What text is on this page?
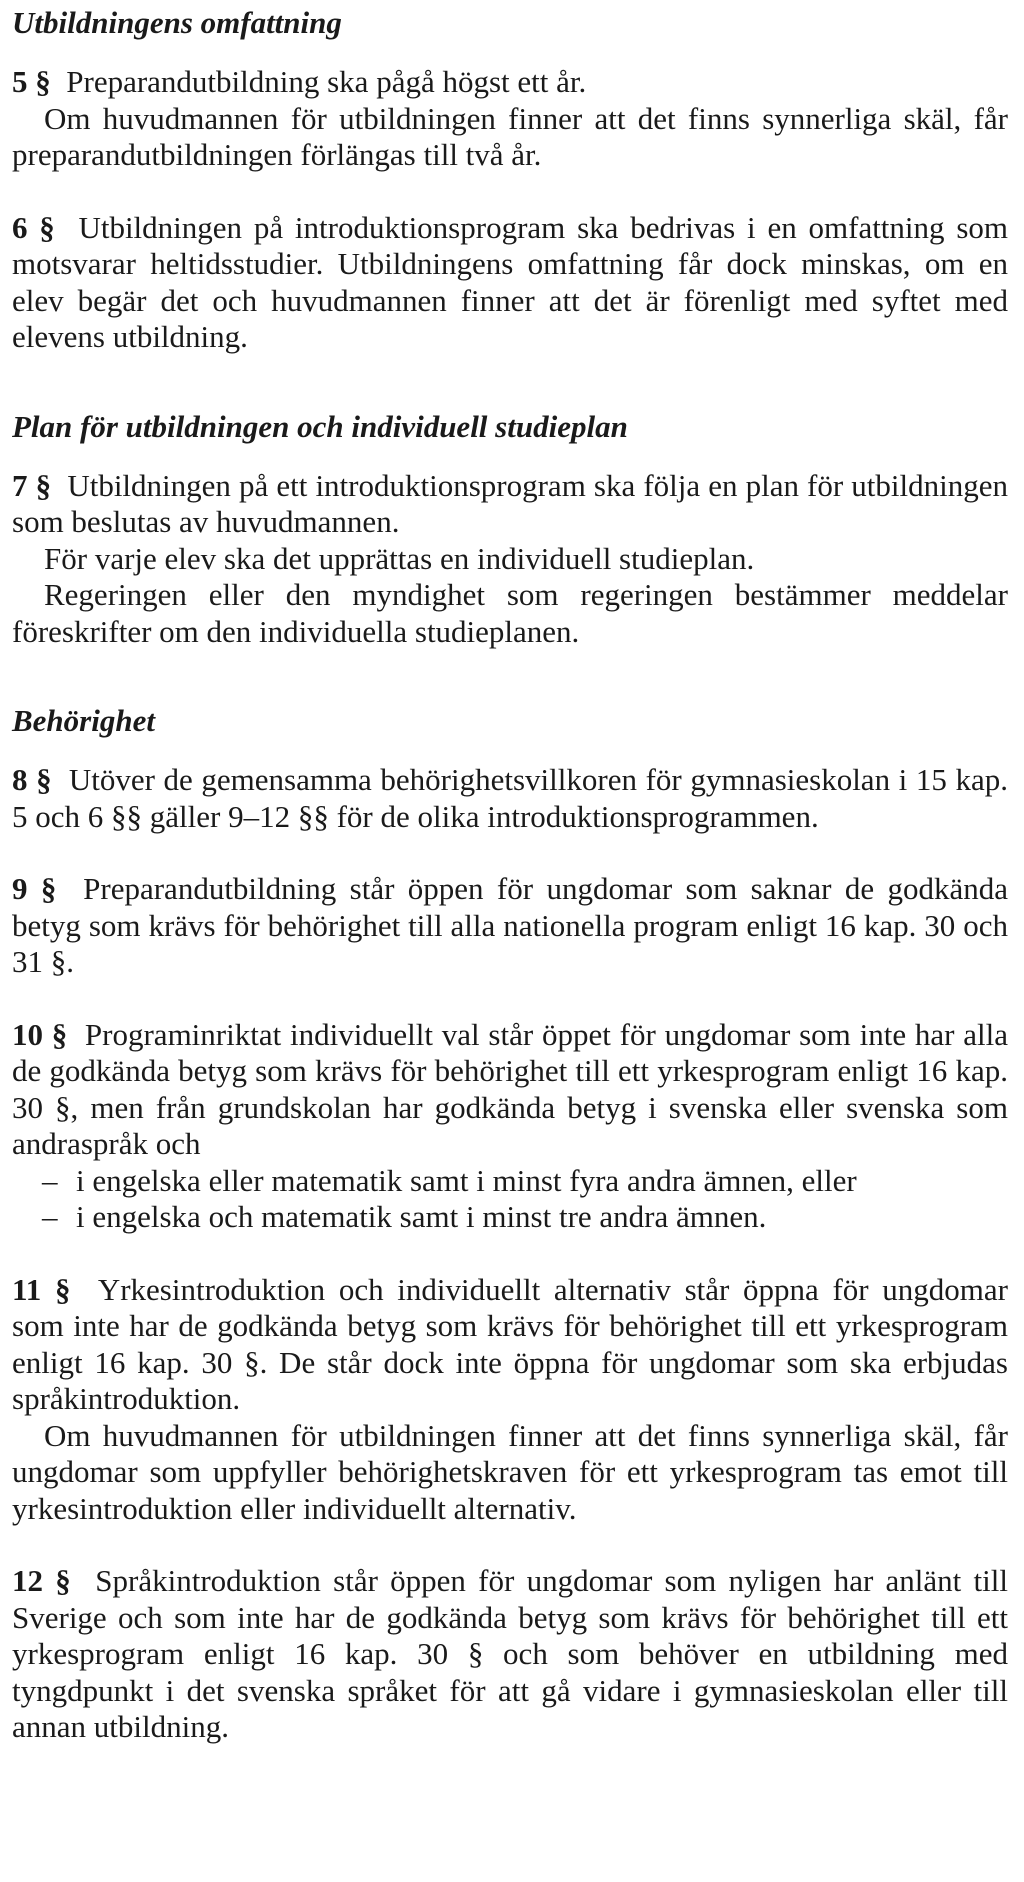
Utbildningens omfattning

5 § Preparandutbildning ska pågå högst ett år.

Om huvudmannen för utbildningen finner att det finns synnerliga skäl, får preparandutbildningen förlängas till två år.

6 § Utbildningen på introduktionsprogram ska bedrivas i en omfattning som motsvarar heltidsstudier. Utbildningens omfattning får dock minskas, om en elev begär det och huvudmannen finner att det är förenligt med syftet med elevens utbildning.

Plan för utbildningen och individuell studieplan

7 § Utbildningen på ett introduktionsprogram ska följa en plan för utbildningen som beslutas av huvudmannen.

För varje elev ska det upprättas en individuell studieplan.

Regeringen eller den myndighet som regeringen bestämmer meddelar föreskrifter om den individuella studieplanen.

Behörighet

8 § Utöver de gemensamma behörighetsvillkoren för gymnasieskolan i 15 kap. 5 och 6 §§ gäller 9–12 §§ för de olika introduktionsprogrammen.

9 § Preparandutbildning står öppen för ungdomar som saknar de godkända betyg som krävs för behörighet till alla nationella program enligt 16 kap. 30 och 31 §.

10 § Programinriktat individuellt val står öppet för ungdomar som inte har alla de godkända betyg som krävs för behörighet till ett yrkesprogram enligt 16 kap. 30 §, men från grundskolan har godkända betyg i svenska eller svenska som andraspråk och

– i engelska eller matematik samt i minst fyra andra ämnen, eller

– i engelska och matematik samt i minst tre andra ämnen.

11 § Yrkesintroduktion och individuellt alternativ står öppna för ungdomar som inte har de godkända betyg som krävs för behörighet till ett yrkesprogram enligt 16 kap. 30 §. De står dock inte öppna för ungdomar som ska erbjudas språkintroduktion.

Om huvudmannen för utbildningen finner att det finns synnerliga skäl, får ungdomar som uppfyller behörighetskraven för ett yrkesprogram tas emot till yrkesintroduktion eller individuellt alternativ.

12 § Språkintroduktion står öppen för ungdomar som nyligen har anlänt till Sverige och som inte har de godkända betyg som krävs för behörighet till ett yrkesprogram enligt 16 kap. 30 § och som behöver en utbildning med tyngdpunkt i det svenska språket för att gå vidare i gymnasieskolan eller till annan utbildning.
